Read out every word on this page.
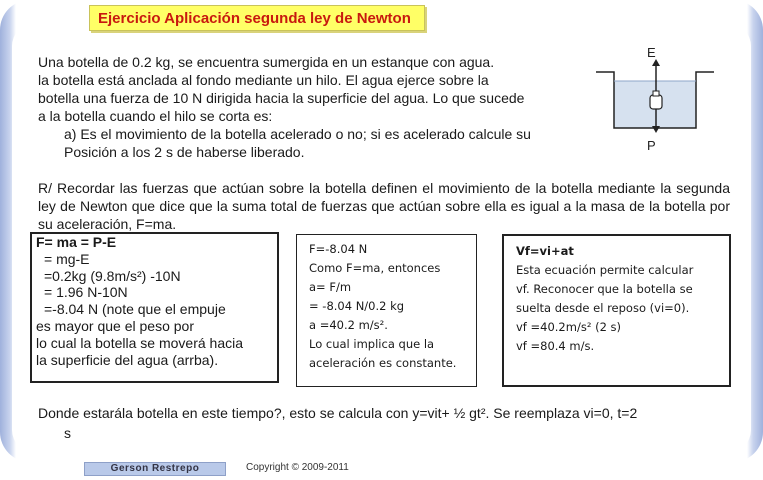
Ejercicio Aplicación segunda ley de Newton
Una botella de 0.2 kg, se encuentra sumergida en un estanque con agua.
la botella está anclada al fondo mediante un hilo. El agua ejerce sobre la
botella una fuerza de 10 N dirigida hacia la superficie del agua. Lo que sucede
a la botella cuando el hilo se corta es:
a) Es el movimiento de la botella acelerado o no; si es acelerado calcule su
Posición a los 2 s de haberse liberado.
E
P
R/ Recordar las fuerzas que actúan sobre la botella definen el movimiento de la botella mediante la segunda ley de Newton que dice que la suma total de fuerzas que actúan sobre ella es igual a la masa de la botella por su aceleración, F=ma.
F= ma = P-E
= mg-E
=0.2kg (9.8m/s²) -10N
= 1.96 N-10N
=-8.04 N (note que el empuje
es mayor que el peso por
lo cual la botella se moverá hacia
la superficie del agua (arrba).
F=-8.04 N
Como F=ma, entonces
a= F/m
= -8.04 N/0.2 kg
a =40.2 m/s².
Lo cual implica que la
aceleración es constante.
Vf=vi+at
Esta ecuación permite calcular
vf. Reconocer que la botella se
suelta desde el reposo (vi=0).
vf =40.2m/s² (2 s)
vf =80.4 m/s.
Donde estarála botella en este tiempo?, esto se calcula con y=vit+ ½ gt². Se reemplaza vi=0, t=2
s
Gerson Restrepo	Copyright © 2009-2011
